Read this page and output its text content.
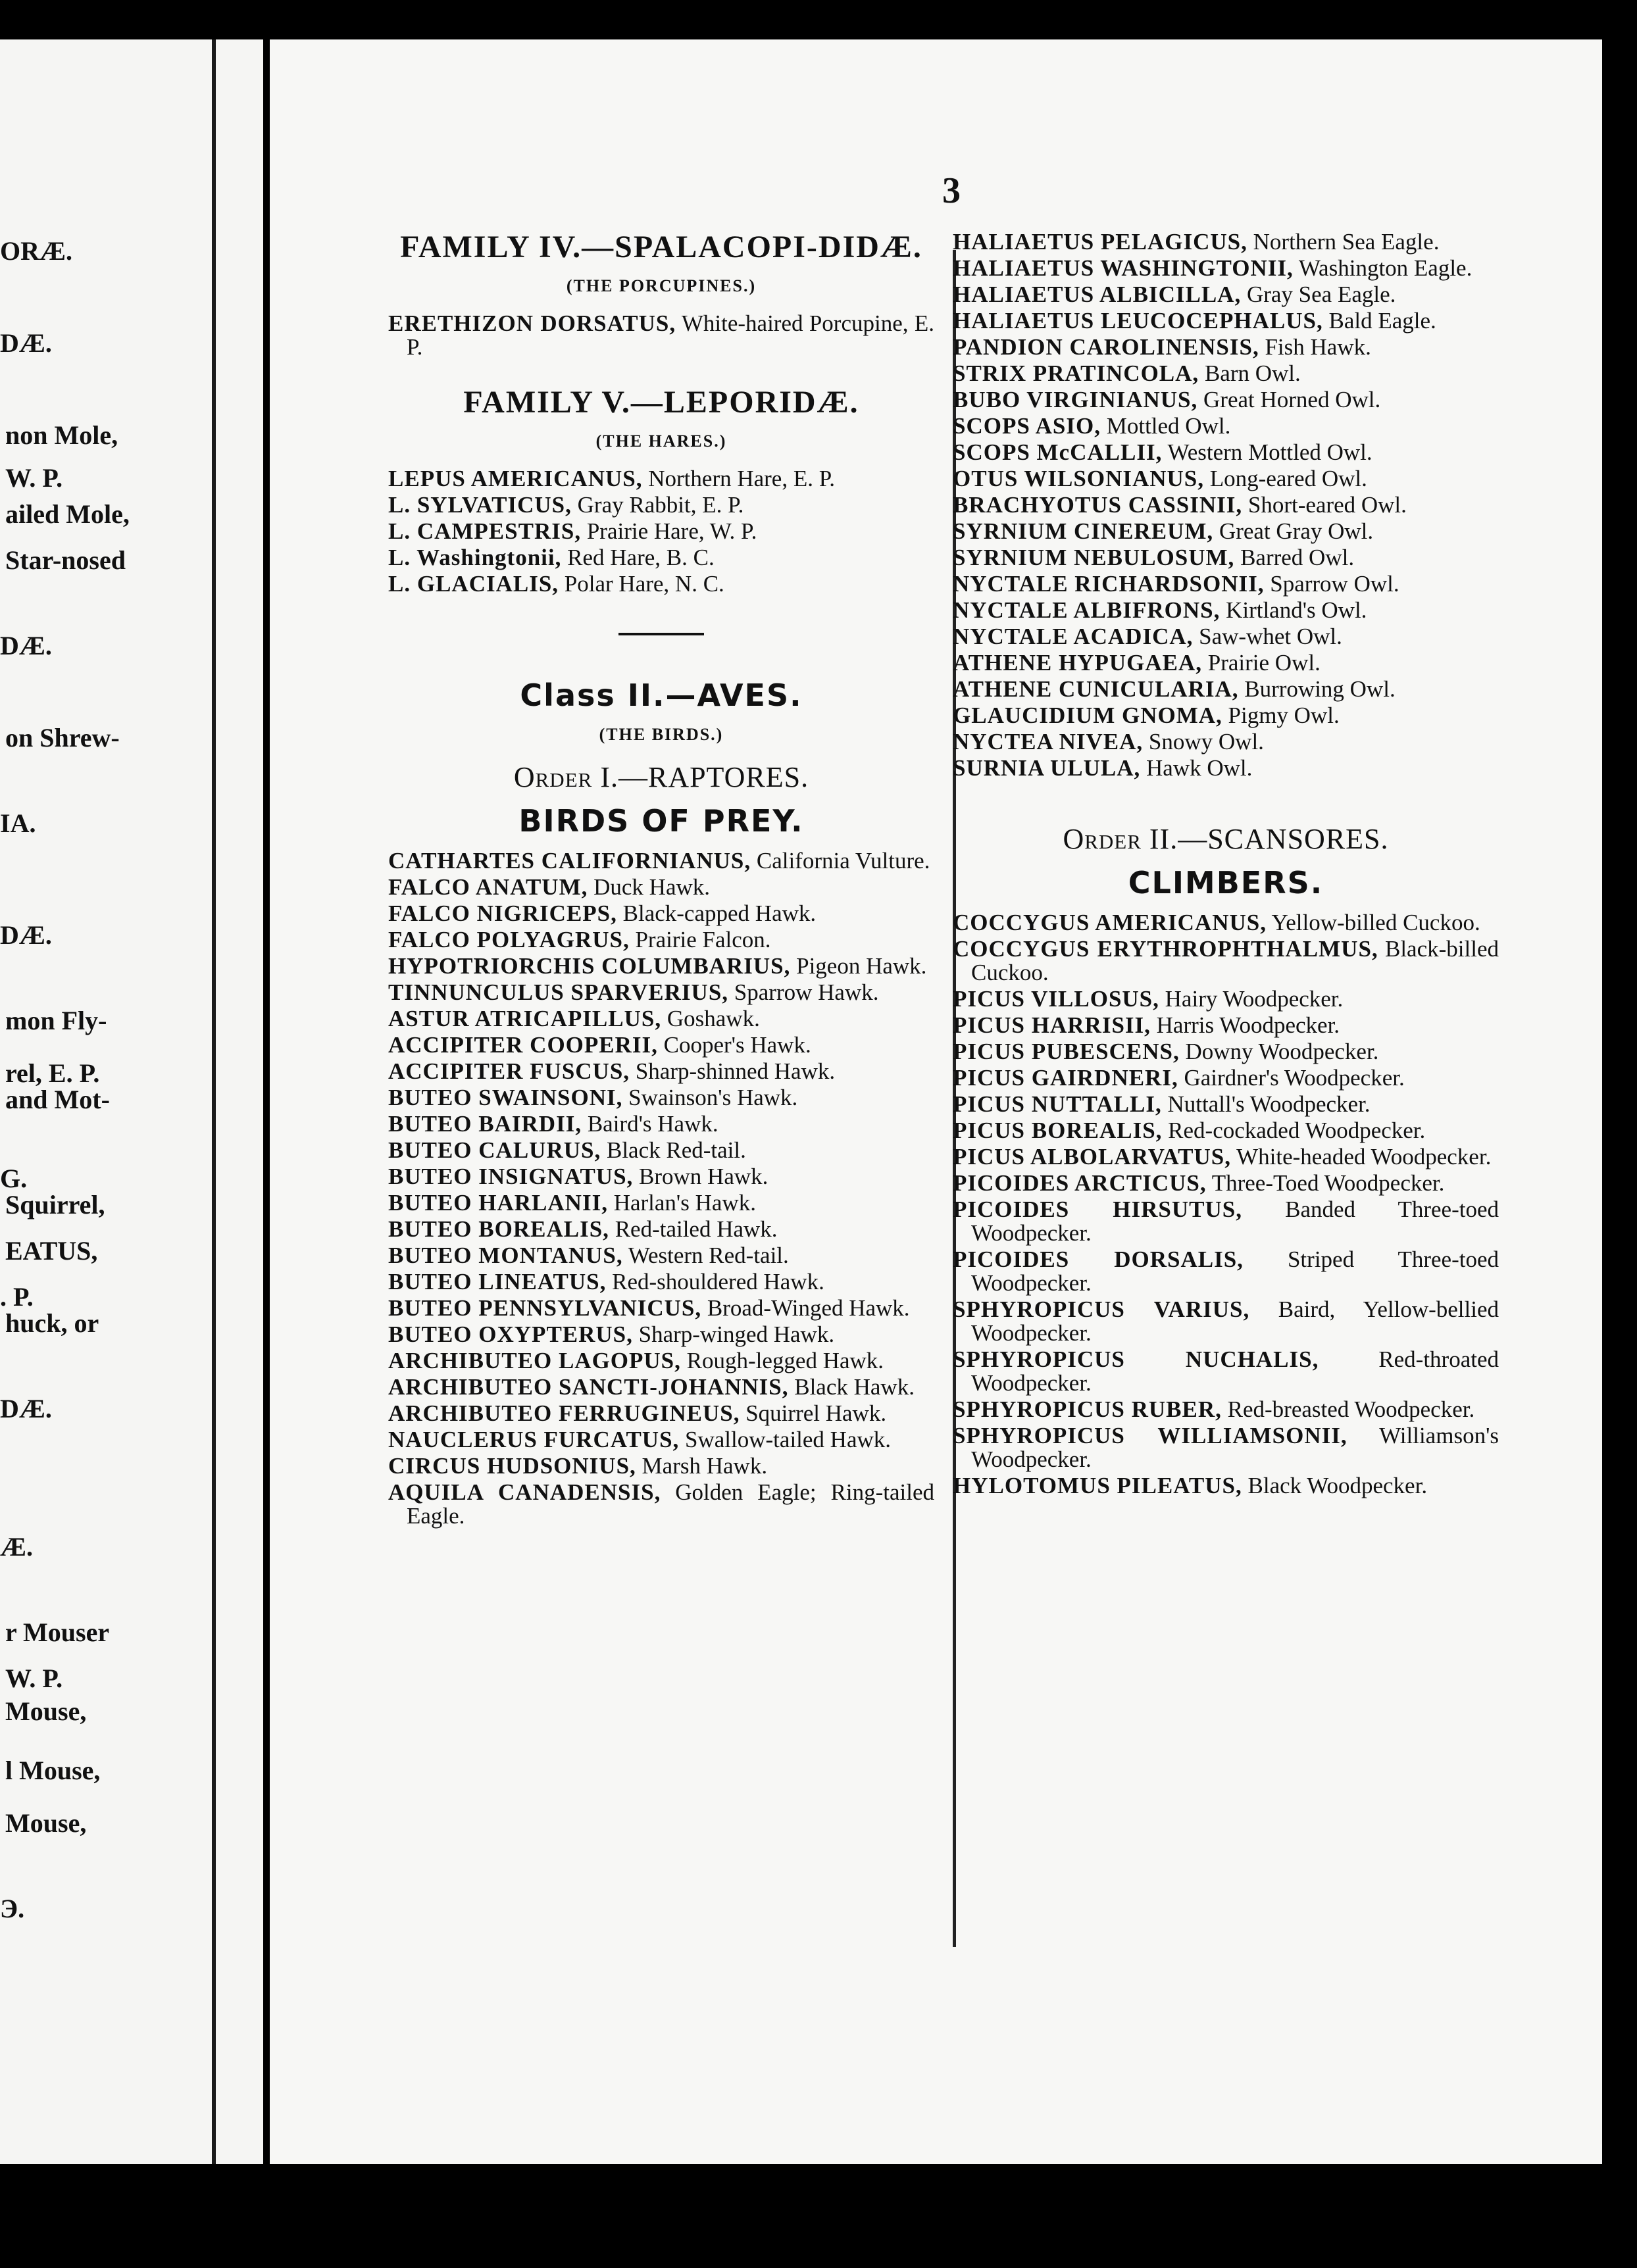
ORÆ.
DÆ.
non Mole,
W. P.
ailed Mole,
Star-nosed
DÆ.
on Shrew-
IA.
DÆ.
mon Fly-
rel, E. P.
and Mot-
G.
Squirrel,
EATUS,
. P.
huck, or
DÆ.
Æ.
r Mouser
W. P.
Mouse,
l Mouse,
Mouse,
Э.
3
FAMILY IV.—SPALACOPI-DIDÆ.
(THE PORCUPINES.)
ERETHIZON DORSATUS, White-haired Porcupine, E. P.
FAMILY V.—LEPORIDÆ.
(THE HARES.)
LEPUS AMERICANUS, Northern Hare, E. P.
L. SYLVATICUS, Gray Rabbit, E. P.
L. CAMPESTRIS, Prairie Hare, W. P.
L. Washingtonii, Red Hare, B. C.
L. GLACIALIS, Polar Hare, N. C.
Class II.—AVES.
(THE BIRDS.)
Order I.—RAPTORES.
BIRDS OF PREY.
CATHARTES CALIFORNIANUS, California Vulture.
FALCO ANATUM, Duck Hawk.
FALCO NIGRICEPS, Black-capped Hawk.
FALCO POLYAGRUS, Prairie Falcon.
HYPOTRIORCHIS COLUMBARIUS, Pigeon Hawk.
TINNUNCULUS SPARVERIUS, Sparrow Hawk.
ASTUR ATRICAPILLUS, Goshawk.
ACCIPITER COOPERII, Cooper's Hawk.
ACCIPITER FUSCUS, Sharp-shinned Hawk.
BUTEO SWAINSONI, Swainson's Hawk.
BUTEO BAIRDII, Baird's Hawk.
BUTEO CALURUS, Black Red-tail.
BUTEO INSIGNATUS, Brown Hawk.
BUTEO HARLANII, Harlan's Hawk.
BUTEO BOREALIS, Red-tailed Hawk.
BUTEO MONTANUS, Western Red-tail.
BUTEO LINEATUS, Red-shouldered Hawk.
BUTEO PENNSYLVANICUS, Broad-Winged Hawk.
BUTEO OXYPTERUS, Sharp-winged Hawk.
ARCHIBUTEO LAGOPUS, Rough-legged Hawk.
ARCHIBUTEO SANCTI-JOHANNIS, Black Hawk.
ARCHIBUTEO FERRUGINEUS, Squirrel Hawk.
NAUCLERUS FURCATUS, Swallow-tailed Hawk.
CIRCUS HUDSONIUS, Marsh Hawk.
AQUILA CANADENSIS, Golden Eagle; Ring-tailed Eagle.
HALIAETUS PELAGICUS, Northern Sea Eagle.
HALIAETUS WASHINGTONII, Washington Eagle.
HALIAETUS ALBICILLA, Gray Sea Eagle.
HALIAETUS LEUCOCEPHALUS, Bald Eagle.
PANDION CAROLINENSIS, Fish Hawk.
STRIX PRATINCOLA, Barn Owl.
BUBO VIRGINIANUS, Great Horned Owl.
SCOPS ASIO, Mottled Owl.
SCOPS McCALLII, Western Mottled Owl.
OTUS WILSONIANUS, Long-eared Owl.
BRACHYOTUS CASSINII, Short-eared Owl.
SYRNIUM CINEREUM, Great Gray Owl.
SYRNIUM NEBULOSUM, Barred Owl.
NYCTALE RICHARDSONII, Sparrow Owl.
NYCTALE ALBIFRONS, Kirtland's Owl.
NYCTALE ACADICA, Saw-whet Owl.
ATHENE HYPUGAEA, Prairie Owl.
ATHENE CUNICULARIA, Burrowing Owl.
GLAUCIDIUM GNOMA, Pigmy Owl.
NYCTEA NIVEA, Snowy Owl.
SURNIA ULULA, Hawk Owl.
Order II.—SCANSORES.
CLIMBERS.
COCCYGUS AMERICANUS, Yellow-billed Cuckoo.
COCCYGUS ERYTHROPHTHALMUS, Black-billed Cuckoo.
PICUS VILLOSUS, Hairy Woodpecker.
PICUS HARRISII, Harris Woodpecker.
PICUS PUBESCENS, Downy Woodpecker.
PICUS GAIRDNERI, Gairdner's Woodpecker.
PICUS NUTTALLI, Nuttall's Woodpecker.
PICUS BOREALIS, Red-cockaded Woodpecker.
PICUS ALBOLARVATUS, White-headed Woodpecker.
PICOIDES ARCTICUS, Three-Toed Woodpecker.
PICOIDES HIRSUTUS, Banded Three-toed Woodpecker.
PICOIDES DORSALIS, Striped Three-toed Woodpecker.
SPHYROPICUS VARIUS, Baird, Yellow-bellied Woodpecker.
SPHYROPICUS NUCHALIS,	Red-throated Woodpecker.
SPHYROPICUS RUBER, Red-breasted Woodpecker.
SPHYROPICUS WILLIAMSONII, Williamson's Woodpecker.
HYLOTOMUS PILEATUS, Black Woodpecker.
